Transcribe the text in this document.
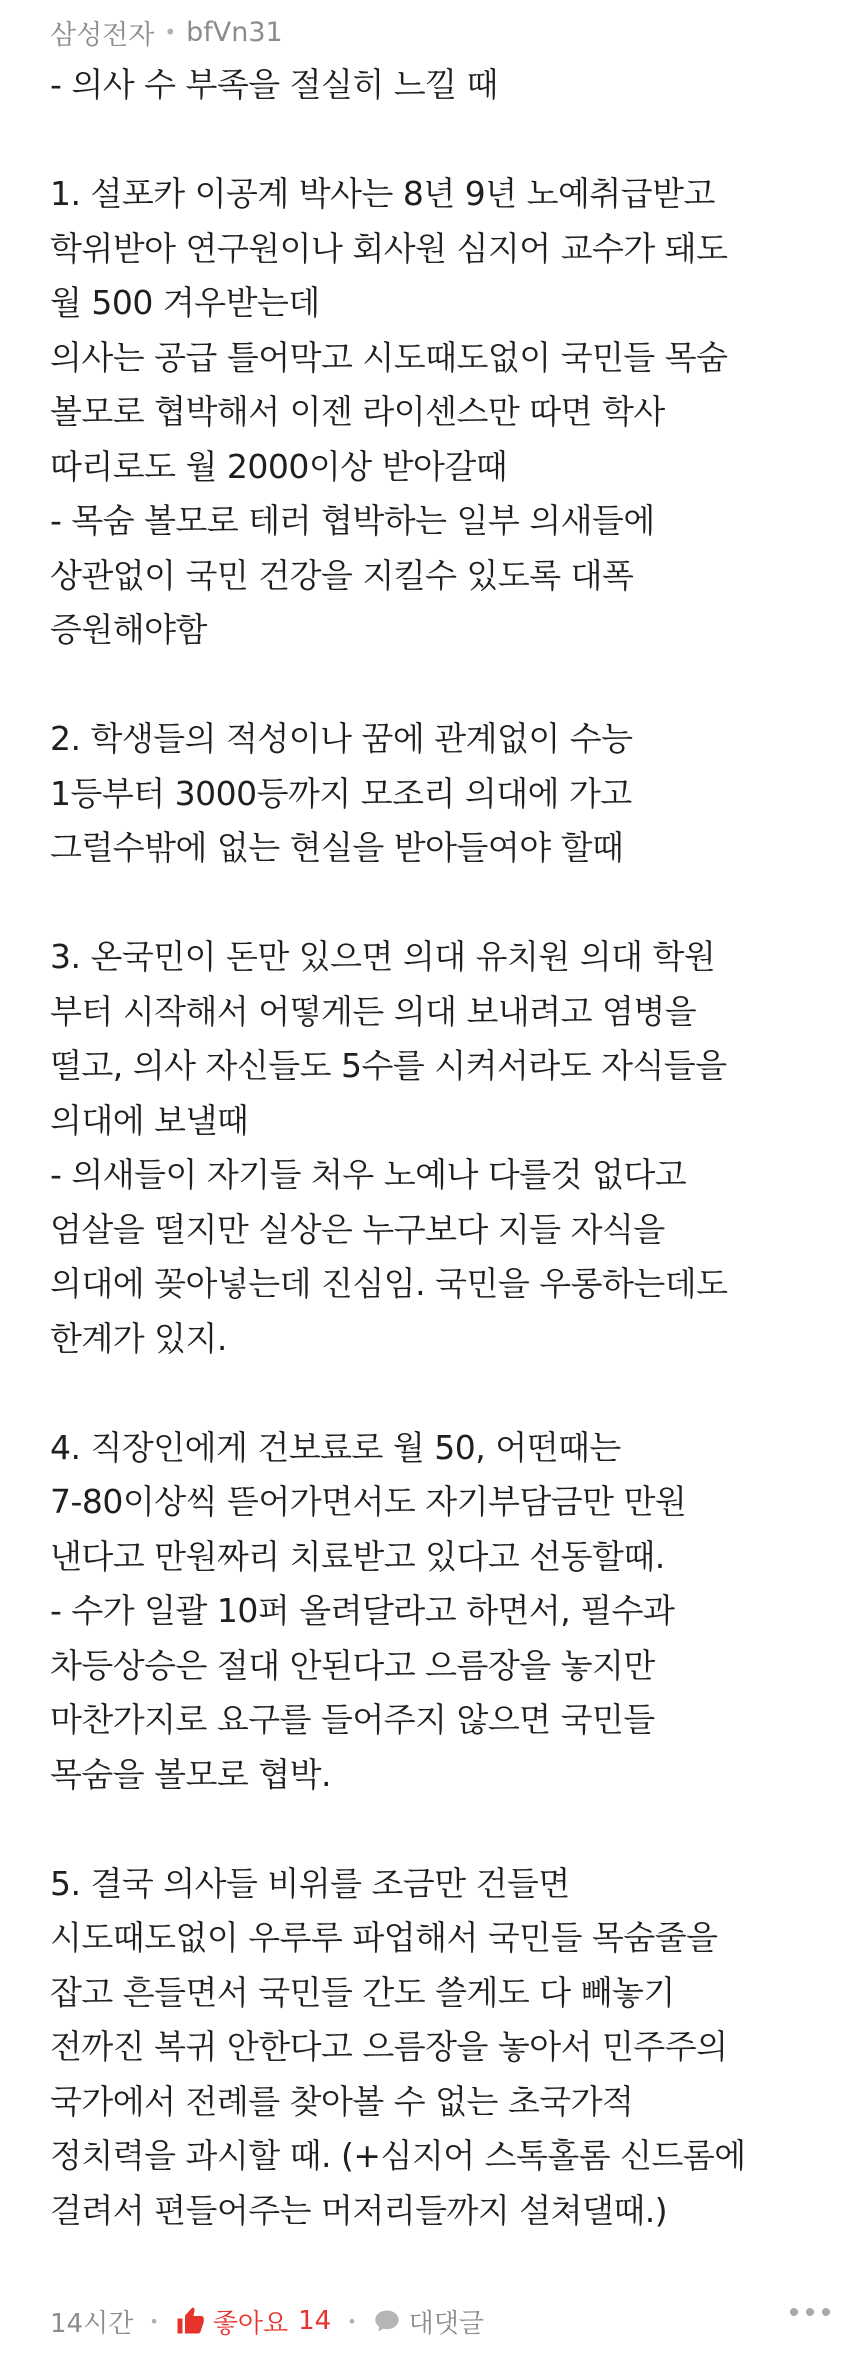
삼성전자 • bfVn31
- 의사 수 부족을 절실히 느낄 때
1. 설포카 이공계 박사는 8년 9년 노예취급받고
학위받아 연구원이나 회사원 심지어 교수가 돼도
월 500 겨우받는데
의사는 공급 틀어막고 시도때도없이 국민들 목숨
볼모로 협박해서 이젠 라이센스만 따면 학사
따리로도 월 2000이상 받아갈때
- 목숨 볼모로 테러 협박하는 일부 의새들에
상관없이 국민 건강을 지킬수 있도록 대폭
증원해야함
2. 학생들의 적성이나 꿈에 관계없이 수능
1등부터 3000등까지 모조리 의대에 가고
그럴수밖에 없는 현실을 받아들여야 할때
3. 온국민이 돈만 있으면 의대 유치원 의대 학원
부터 시작해서 어떻게든 의대 보내려고 염병을
떨고, 의사 자신들도 5수를 시켜서라도 자식들을
의대에 보낼때
- 의새들이 자기들 처우 노예나 다를것 없다고
엄살을 떨지만 실상은 누구보다 지들 자식을
의대에 꽂아넣는데 진심임. 국민을 우롱하는데도
한계가 있지.
4. 직장인에게 건보료로 월 50, 어떤때는
7-80이상씩 뜯어가면서도 자기부담금만 만원
낸다고 만원짜리 치료받고 있다고 선동할때.
- 수가 일괄 10퍼 올려달라고 하면서, 필수과
차등상승은 절대 안된다고 으름장을 놓지만
마찬가지로 요구를 들어주지 않으면 국민들
목숨을 볼모로 협박.
5. 결국 의사들 비위를 조금만 건들면
시도때도없이 우루루 파업해서 국민들 목숨줄을
잡고 흔들면서 국민들 간도 쓸게도 다 빼놓기
전까진 복귀 안한다고 으름장을 놓아서 민주주의
국가에서 전례를 찾아볼 수 없는 초국가적
정치력을 과시할 때. (+심지어 스톡홀롬 신드롬에
걸려서 편들어주는 머저리들까지 설쳐댈때.)
14시간 • 좋아요 14 • 대댓글
